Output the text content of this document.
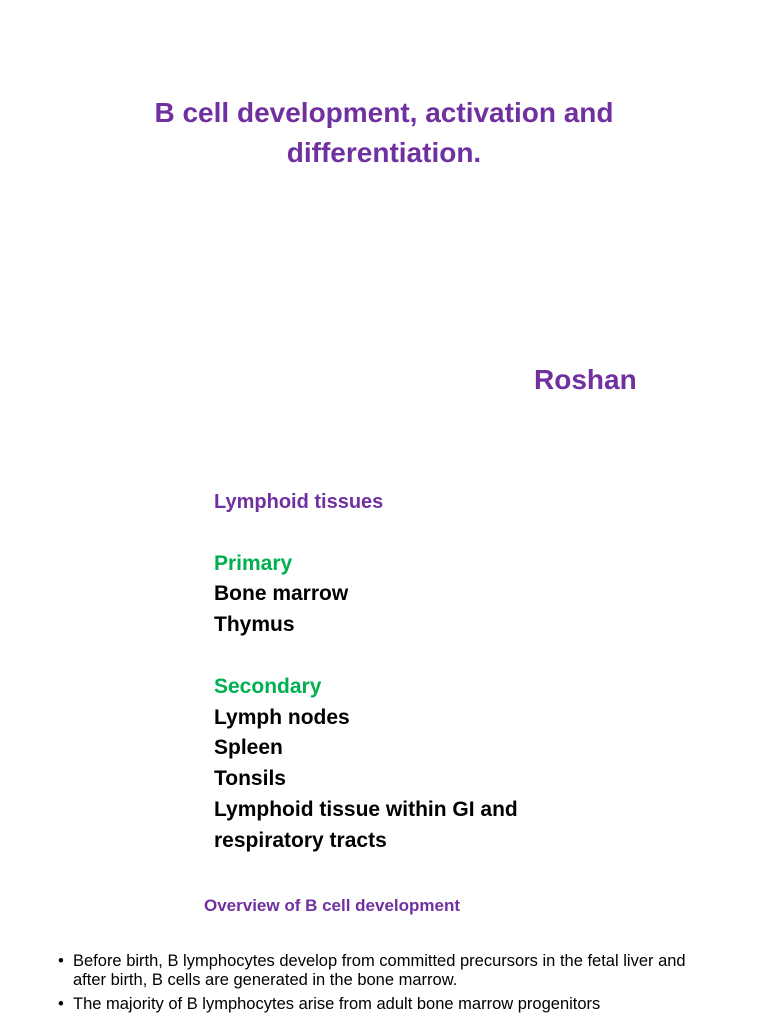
B cell development, activation and
differentiation.
Roshan
Lymphoid tissues
Primary
Bone marrow
Thymus
Secondary
Lymph nodes
Spleen
Tonsils
Lymphoid tissue within GI and
respiratory tracts
Overview of B cell development
• Before birth, B lymphocytes develop from committed precursors in the fetal liver and after birth, B cells are generated in the bone marrow.
• The majority of B lymphocytes arise from adult bone marrow progenitors
